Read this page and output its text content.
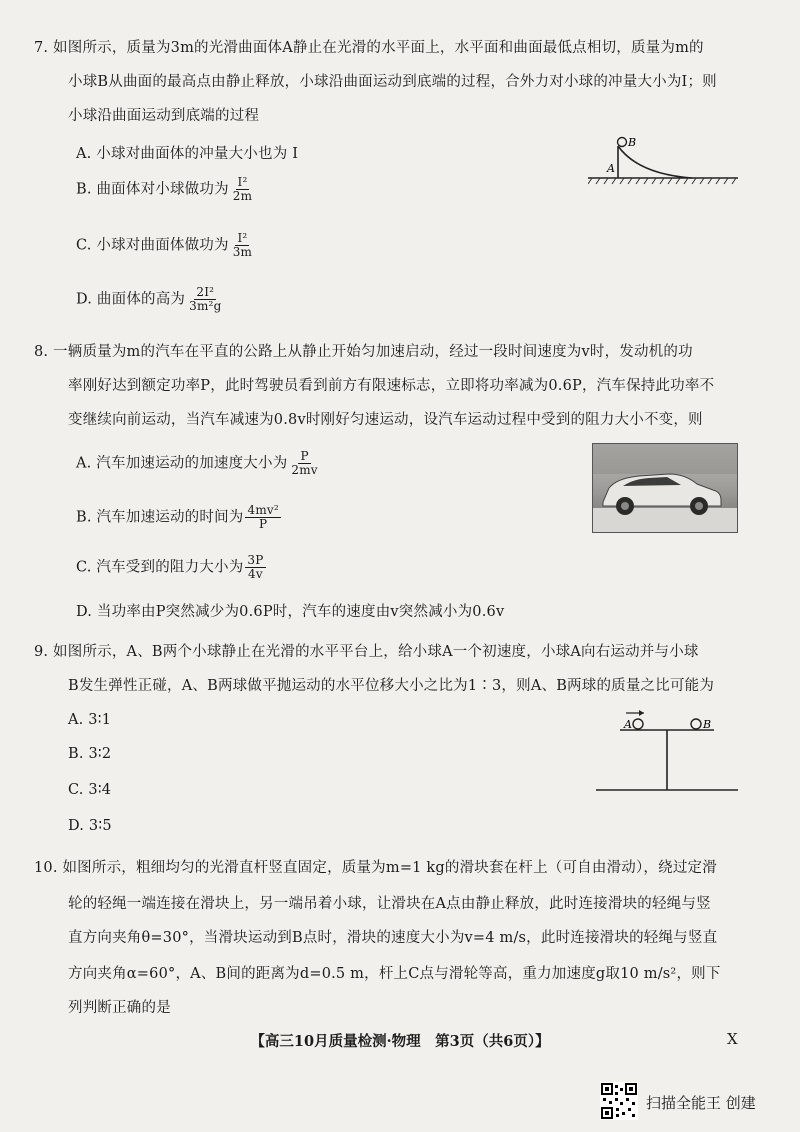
7. 如图所示，质量为3m的光滑曲面体A静止在光滑的水平面上，水平面和曲面最低点相切，质量为m的
小球B从曲面的最高点由静止释放，小球沿曲面运动到底端的过程，合外力对小球的冲量大小为I；则
小球沿曲面运动到底端的过程
A. 小球对曲面体的冲量大小也为 I
B. 曲面体对小球做功为 $\frac{\text{I²}}{2m}$
C. 小球对曲面体做功为 $\frac{\text{I²}}{3m}$
D. 曲面体的高为 $\frac{\text{2I²}}{\text{3m²g}}$
A
B
8. 一辆质量为m的汽车在平直的公路上从静止开始匀加速启动，经过一段时间速度为v时，发动机的功
率刚好达到额定功率P，此时驾驶员看到前方有限速标志，立即将功率减为0.6P，汽车保持此功率不
变继续向前运动，当汽车减速为0.8v时刚好匀速运动，设汽车运动过程中受到的阻力大小不变，则
A. 汽车加速运动的加速度大小为 $\frac{P}{2mv}$
B. 汽车加速运动的时间为 $\frac{\text{4mv²}}{P}$
C. 汽车受到的阻力大小为 $\frac{3P}{4v}$
D. 当功率由P突然减少为0.6P时，汽车的速度由v突然减小为0.6v
9. 如图所示，A、B两个小球静止在光滑的水平平台上，给小球A一个初速度，小球A向右运动并与小球
B发生弹性正碰，A、B两球做平抛运动的水平位移大小之比为1∶3，则A、B两球的质量之比可能为
A. 3∶1
B. 3∶2
C. 3∶4
D. 3∶5
A	B
10. 如图所示，粗细均匀的光滑直杆竖直固定，质量为m=1 kg的滑块套在杆上（可自由滑动），绕过定滑
轮的轻绳一端连接在滑块上，另一端吊着小球，让滑块在A点由静止释放，此时连接滑块的轻绳与竖
直方向夹角θ=30°，当滑块运动到B点时，滑块的速度大小为v=4 m/s，此时连接滑块的轻绳与竖直
方向夹角α=60°，A、B间的距离为d=0.5 m，杆上C点与滑轮等高，重力加速度g取10 m/s²，则下
列判断正确的是
【高三10月质量检测·物理　第3页（共6页）】	X
扫描全能王 创建
